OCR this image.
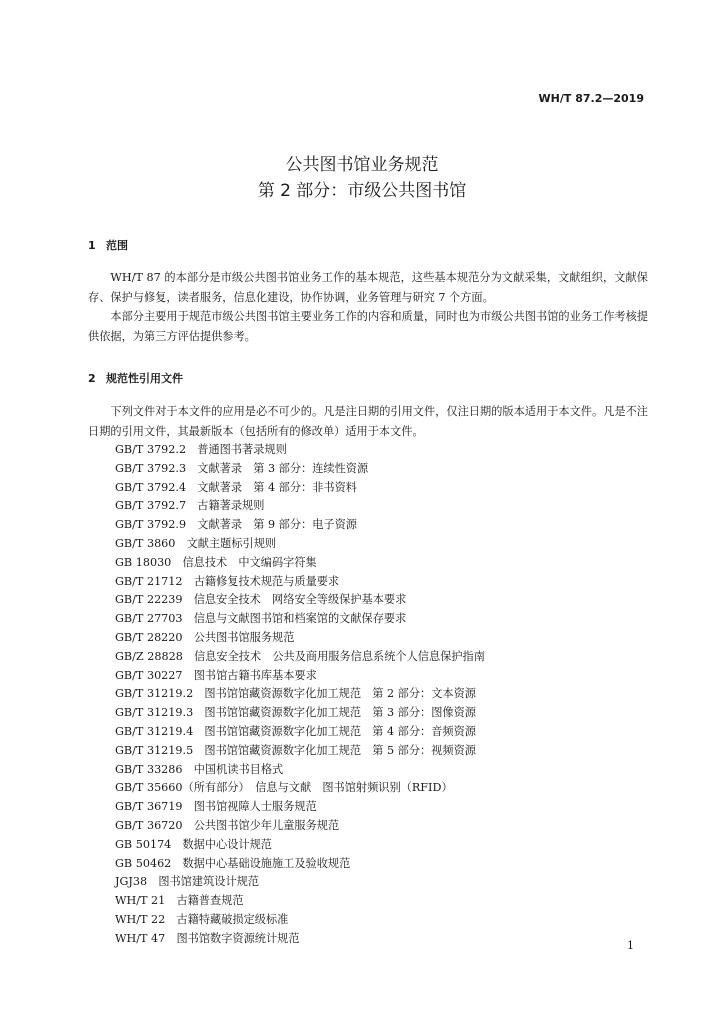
WH/T 87.2—2019
公共图书馆业务规范
第 2 部分：市级公共图书馆
1 范围
WH/T 87 的本部分是市级公共图书馆业务工作的基本规范，这些基本规范分为文献采集，文献组织，文献保存、保护与修复，读者服务，信息化建设，协作协调，业务管理与研究 7 个方面。
本部分主要用于规范市级公共图书馆主要业务工作的内容和质量，同时也为市级公共图书馆的业务工作考核提供依据，为第三方评估提供参考。
2 规范性引用文件
下列文件对于本文件的应用是必不可少的。凡是注日期的引用文件，仅注日期的版本适用于本文件。凡是不注日期的引用文件，其最新版本（包括所有的修改单）适用于本文件。
GB/T 3792.2　普通图书著录规则
GB/T 3792.3　文献著录　第 3 部分：连续性资源
GB/T 3792.4　文献著录　第 4 部分：非书资料
GB/T 3792.7　古籍著录规则
GB/T 3792.9　文献著录　第 9 部分：电子资源
GB/T 3860　文献主题标引规则
GB 18030　信息技术　中文编码字符集
GB/T 21712　古籍修复技术规范与质量要求
GB/T 22239　信息安全技术　网络安全等级保护基本要求
GB/T 27703　信息与文献图书馆和档案馆的文献保存要求
GB/T 28220　公共图书馆服务规范
GB/Z 28828　信息安全技术　公共及商用服务信息系统个人信息保护指南
GB/T 30227　图书馆古籍书库基本要求
GB/T 31219.2　图书馆馆藏资源数字化加工规范　第 2 部分：文本资源
GB/T 31219.3　图书馆馆藏资源数字化加工规范　第 3 部分：图像资源
GB/T 31219.4　图书馆馆藏资源数字化加工规范　第 4 部分：音频资源
GB/T 31219.5　图书馆馆藏资源数字化加工规范　第 5 部分：视频资源
GB/T 33286　中国机读书目格式
GB/T 35660（所有部分）　信息与文献　图书馆射频识别（RFID）
GB/T 36719　图书馆视障人士服务规范
GB/T 36720　公共图书馆少年儿童服务规范
GB 50174　数据中心设计规范
GB 50462　数据中心基础设施施工及验收规范
JGJ38　图书馆建筑设计规范
WH/T 21　古籍普查规范
WH/T 22　古籍特藏破损定级标准
WH/T 47　图书馆数字资源统计规范
1
